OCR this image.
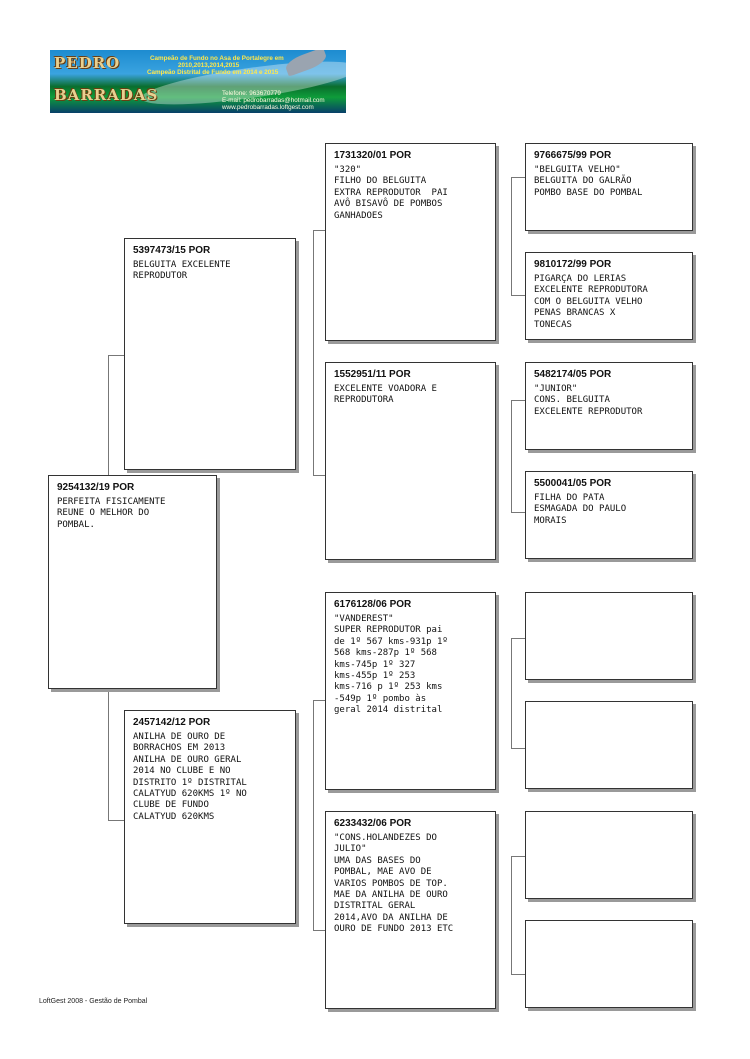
PEDRO
BARRADAS
Campeão de Fundo no Asa de Portalegre em
2010,2013,2014,2015
Campeão Distrital de Fundo em 2014 e 2015
Telefone: 963670779
E-mail: pedrobarradas@hotmail.com
www.pedrobarradas.loftgest.com
9254132/19 POR
PERFEITA FISICAMENTE
REUNE O MELHOR DO
POMBAL.
5397473/15 POR
BELGUITA EXCELENTE
REPRODUTOR
2457142/12 POR
ANILHA DE OURO DE
BORRACHOS EM 2013
ANILHA DE OURO GERAL
2014 NO CLUBE E NO
DISTRITO 1º DISTRITAL
CALATYUD 620KMS 1º NO
CLUBE DE FUNDO
CALATYUD 620KMS
1731320/01 POR
"320"
FILHO DO BELGUITA
EXTRA REPRODUTOR  PAI
AVÔ BISAVÔ DE POMBOS
GANHADOES
1552951/11 POR
EXCELENTE VOADORA E
REPRODUTORA
6176128/06 POR
"VANDEREST"
SUPER REPRODUTOR pai
de 1º 567 kms-931p 1º
568 kms-287p 1º 568
kms-745p 1º 327
kms-455p 1º 253
kms-716 p 1º 253 kms
-549p 1º pombo às
geral 2014 distrital
6233432/06 POR
"CONS.HOLANDEZES DO
JULIO"
UMA DAS BASES DO
POMBAL, MAE AVO DE
VARIOS POMBOS DE TOP.
MAE DA ANILHA DE OURO
DISTRITAL GERAL
2014,AVO DA ANILHA DE
OURO DE FUNDO 2013 ETC
9766675/99 POR
"BELGUITA VELHO"
BELGUITA DO GALRÃO
POMBO BASE DO POMBAL
9810172/99 POR
PIGARÇA DO LERIAS
EXCELENTE REPRODUTORA
COM O BELGUITA VELHO
PENAS BRANCAS X
TONECAS
5482174/05 POR
"JUNIOR"
CONS. BELGUITA
EXCELENTE REPRODUTOR
5500041/05 POR
FILHA DO PATA
ESMAGADA DO PAULO
MORAIS
LoftGest 2008 - Gestão de Pombal
